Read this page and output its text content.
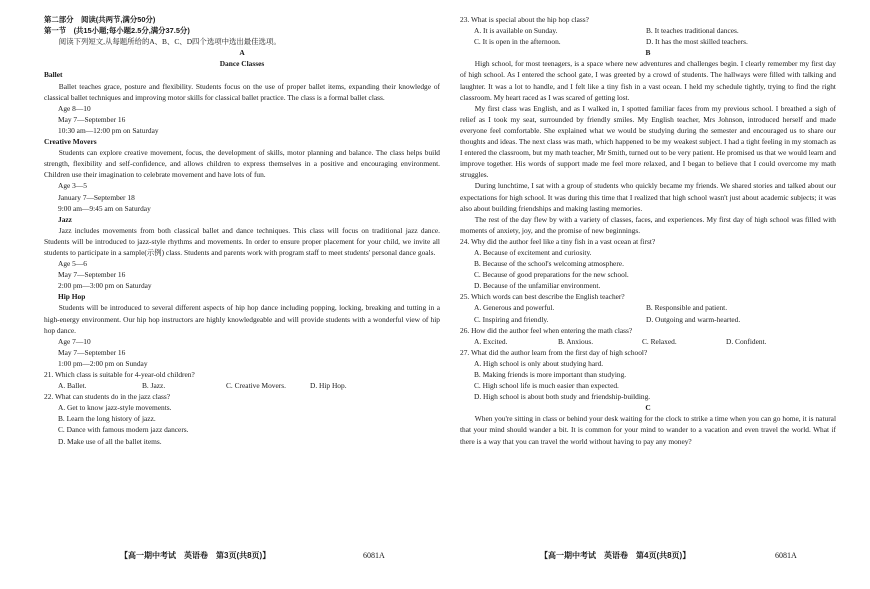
第二部分　阅读(共两节,满分50分)

第一节　(共15小题;每小题2.5分,满分37.5分)

阅读下列短文,从每题所给的A、B、C、D四个选项中选出最佳选项。

A

Dance Classes

Ballet

Ballet teaches grace, posture and flexibility. Students focus on the use of proper ballet items, expanding their knowledge of classical ballet techniques and improving motor skills for classical ballet practice. The class is a formal ballet class.

Age 8—10

May 7—September 16

10:30 am—12:00 pm on Saturday

Creative Movers

Students can explore creative movement, focus, the development of skills, motor planning and balance. The class helps build strength, flexibility and self-confidence, and allows children to express themselves in a positive and encouraging environment. Children use their imagination to celebrate movement and have lots of fun.

Age 3—5

January 7—September 18

9:00 am—9:45 am on Saturday

Jazz

Jazz includes movements from both classical ballet and dance techniques. This class will focus on traditional jazz dance. Students will be introduced to jazz-style rhythms and movements. In order to ensure proper placement for your child, we invite all students to participate in a sample(示例) class. Students and parents work with program staff to meet students' personal dance goals.

Age 5—6

May 7—September 16

2:00 pm—3:00 pm on Saturday

Hip Hop

Students will be introduced to several different aspects of hip hop dance including popping, locking, breaking and tutting in a high-energy environment. Our hip hop instructors are highly knowledgeable and will provide students with a wonderful view of hip hop dance.

Age 7—10

May 7—September 16

1:00 pm—2:00 pm on Sunday

21. Which class is suitable for 4-year-old children?

A. Ballet.	B. Jazz.	C. Creative Movers.	D. Hip Hop.

22. What can students do in the jazz class?

A. Get to know jazz-style movements.

B. Learn the long history of jazz.

C. Dance with famous modern jazz dancers.

D. Make use of all the ballet items.

【高一期中考试　英语卷　第3页(共8页)】	6081A

23. What is special about the hip hop class?

A. It is available on Sunday.	B. It teaches traditional dances.
C. It is open in the afternoon.	D. It has the most skilled teachers.

B

High school, for most teenagers, is a space where new adventures and challenges begin. I clearly remember my first day of high school. As I entered the school gate, I was greeted by a crowd of students. The hallways were filled with talking and laughter. It was a lot to handle, and I felt like a tiny fish in a vast ocean. I held my schedule tightly, trying to find the right classroom. My heart raced as I was scared of getting lost.

My first class was English, and as I walked in, I spotted familiar faces from my previous school. I breathed a sigh of relief as I took my seat, surrounded by friendly smiles. My English teacher, Mrs Johnson, introduced herself and made everyone feel comfortable. She explained what we would be studying during the semester and encouraged us to share our thoughts and ideas. The next class was math, which happened to be my weakest subject. I had a tight feeling in my stomach as I entered the classroom, but my math teacher, Mr Smith, turned out to be very patient. He promised us that we would learn and improve together. His words of support made me feel more relaxed, and I began to believe that I could overcome my math struggles.

During lunchtime, I sat with a group of students who quickly became my friends. We shared stories and talked about our expectations for high school. It was during this time that I realized that high school wasn't just about academic subjects; it was also about building friendships and making lasting memories.

The rest of the day flew by with a variety of classes, faces, and experiences. My first day of high school was filled with moments of anxiety, joy, and the promise of new beginnings.

24. Why did the author feel like a tiny fish in a vast ocean at first?

A. Because of excitement and curiosity.

B. Because of the school's welcoming atmosphere.

C. Because of good preparations for the new school.

D. Because of the unfamiliar environment.

25. Which words can best describe the English teacher?

A. Generous and powerful.	B. Responsible and patient.
C. Inspiring and friendly.	D. Outgoing and warm-hearted.

26. How did the author feel when entering the math class?

A. Excited.	B. Anxious.	C. Relaxed.	D. Confident.

27. What did the author learn from the first day of high school?

A. High school is only about studying hard.

B. Making friends is more important than studying.

C. High school life is much easier than expected.

D. High school is about both study and friendship-building.

C

When you're sitting in class or behind your desk waiting for the clock to strike a time when you can go home, it is natural that your mind should wander a bit. It is common for your mind to wander to a vacation and even travel the world. What if there is a way that you can travel the world without having to pay any money?

【高一期中考试　英语卷　第4页(共8页)】	6081A
